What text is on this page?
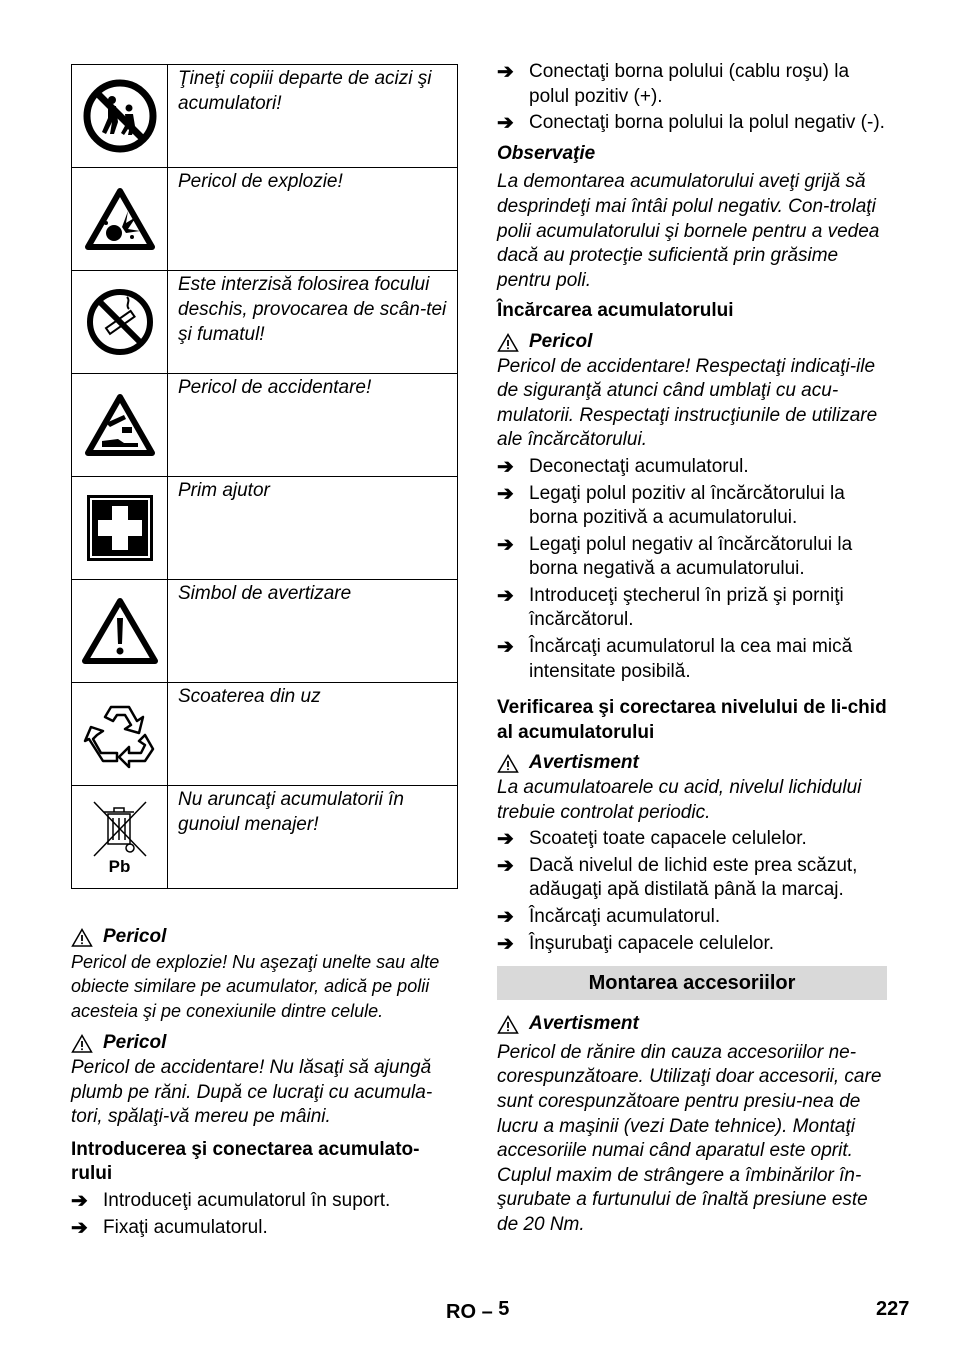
	Ţineţi copiii departe de acizi şi acumulatori!

	Pericol de explozie!

	Este interzisă folosirea focului deschis, provocarea de scân-tei şi fumatul!

	Pericol de accidentare!

	Prim ajutor

	Simbol de avertizare

	Scoaterea din uz

Pb	Nu aruncaţi acumulatorii în gunoiul menajer!

Pericol

Pericol de explozie! Nu aşezaţi unelte sau alte obiecte similare pe acumulator, adică pe polii acesteia şi pe conexiunile dintre celule.

Pericol

Pericol de accidentare! Nu lăsaţi să ajungă plumb pe răni. După ce lucraţi cu acumula-tori, spălaţi-vă mereu pe mâini.

Introducerea şi conectarea acumulato-rului

➔ Introduceţi acumulatorul în suport.
➔ Fixaţi acumulatorul.
➔ Conectaţi borna polului (cablu roşu) la polul pozitiv (+).
➔ Conectaţi borna polului la polul negativ (-).

Observaţie

La demontarea acumulatorului aveţi grijă să desprindeţi mai întâi polul negativ. Con-trolaţi polii acumulatorului şi bornele pentru a vedea dacă au protecţie suficientă prin grăsime pentru poli.

Încărcarea acumulatorului

Pericol

Pericol de accidentare! Respectaţi indicaţi-ile de siguranţă atunci când umblaţi cu acu-mulatorii. Respectaţi instrucţiunile de utilizare ale încărcătorului.

➔ Deconectaţi acumulatorul.
➔ Legaţi polul pozitiv al încărcătorului la borna pozitivă a acumulatorului.
➔ Legaţi polul negativ al încărcătorului la borna negativă a acumulatorului.
➔ Introduceţi ştecherul în priză şi porniţi încărcătorul.
➔ Încărcaţi acumulatorul la cea mai mică intensitate posibilă.

Verificarea şi corectarea nivelului de li-chid al acumulatorului

Avertisment

La acumulatoarele cu acid, nivelul lichidului trebuie controlat periodic.

➔ Scoateţi toate capacele celulelor.
➔ Dacă nivelul de lichid este prea scăzut, adăugaţi apă distilată până la marcaj.
➔ Încărcaţi acumulatorul.
➔ Înşurubaţi capacele celulelor.
Montarea accesoriilor

Avertisment

Pericol de rănire din cauza accesoriilor ne-corespunzătoare. Utilizaţi doar accesorii, care sunt corespunzătoare pentru presiu-nea de lucru a maşinii (vezi Date tehnice). Montaţi accesoriile numai când aparatul este oprit.

Cuplul maxim de strângere a îmbinărilor în-şurubate a furtunului de înaltă presiune este de 20 Nm.

RO – 5	227
